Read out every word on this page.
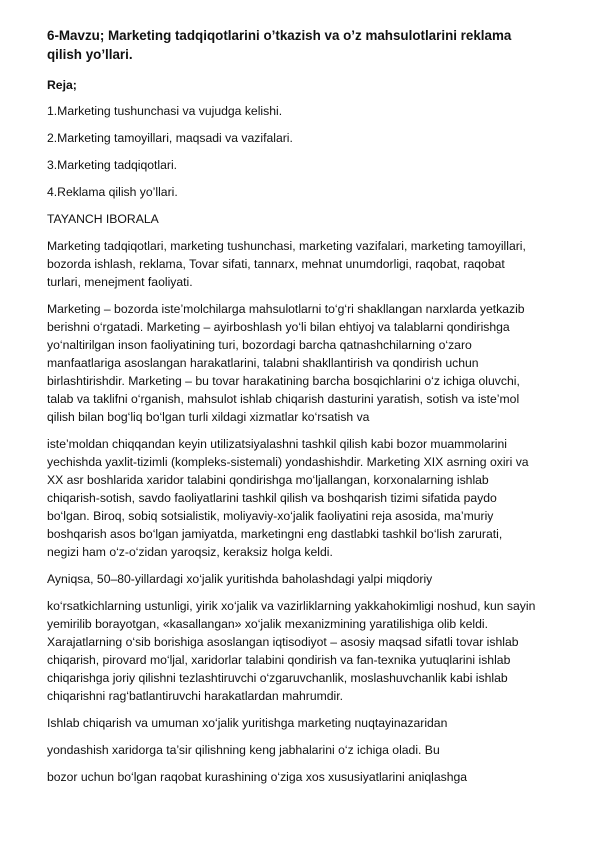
6-Mavzu; Marketing tadqiqotlarini o’tkazish va o’z mahsulotlarini reklama
qilish yo’llari.
Reja;
1.Marketing tushunchasi va vujudga kelishi.
2.Marketing tamoyillari, maqsadi va vazifalari.
3.Marketing tadqiqotlari.
4.Reklama qilish yo’llari.
TAYANCH IBORALA
Marketing tadqiqotlari, marketing tushunchasi, marketing vazifalari, marketing tamoyillari,
bozorda ishlash, reklama, Tovar sifati, tannarx, mehnat unumdorligi, raqobat, raqobat
turlari, menejment faoliyati.
Marketing – bozorda iste’molchilarga mahsulotlarni to‘g‘ri shakllangan narxlarda yetkazib
berishni o‘rgatadi. Marketing – ayirboshlash yo‘li bilan ehtiyoj va talablarni qondirishga
yo‘naltirilgan inson faoliyatining turi, bozordagi barcha qatnashchilarning o‘zaro
manfaatlariga asoslangan harakatlarini, talabni shakllantirish va qondirish uchun
birlashtirishdir. Marketing – bu tovar harakatining barcha bosqichlarini o‘z ichiga oluvchi,
talab va taklifni o‘rganish, mahsulot ishlab chiqarish dasturini yaratish, sotish va iste’mol
qilish bilan bog‘liq bo‘lgan turli xildagi xizmatlar ko‘rsatish va
iste’moldan chiqqandan keyin utilizatsiyalashni tashkil qilish kabi bozor muammolarini
yechishda yaxlit-tizimli (kompleks-sistemali) yondashishdir. Marketing XIX asrning oxiri va
XX asr boshlarida xaridor talabini qondirishga mo‘ljallangan, korxonalarning ishlab
chiqarish-sotish, savdo faoliyatlarini tashkil qilish va boshqarish tizimi sifatida paydo
bo‘lgan. Biroq, sobiq sotsialistik, moliyaviy-xo‘jalik faoliyatini reja asosida, ma’muriy
boshqarish asos bo‘lgan jamiyatda, marketingni eng dastlabki tashkil bo‘lish zarurati,
negizi ham o‘z-o‘zidan yaroqsiz, keraksiz holga keldi.
Ayniqsa, 50–80-yillardagi xo‘jalik yuritishda baholashdagi yalpi miqdoriy
ko‘rsatkichlarning ustunligi, yirik xo‘jalik va vazirliklarning yakkahokimligi noshud, kun sayin
yemirilib borayotgan, «kasallangan» xo‘jalik mexanizmining yaratilishiga olib keldi.
Xarajatlarning o‘sib borishiga asoslangan iqtisodiyot – asosiy maqsad sifatli tovar ishlab
chiqarish, pirovard mo‘ljal, xaridorlar talabini qondirish va fan-texnika yutuqlarini ishlab
chiqarishga joriy qilishni tezlashtiruvchi o‘zgaruvchanlik, moslashuvchanlik kabi ishlab
chiqarishni rag‘batlantiruvchi harakatlardan mahrumdir.
Ishlab chiqarish va umuman xo‘jalik yuritishga marketing nuqtayinazaridan
yondashish xaridorga ta’sir qilishning keng jabhalarini o‘z ichiga oladi. Bu
bozor uchun bo‘lgan raqobat kurashining o‘ziga xos xususiyatlarini aniqlashga
